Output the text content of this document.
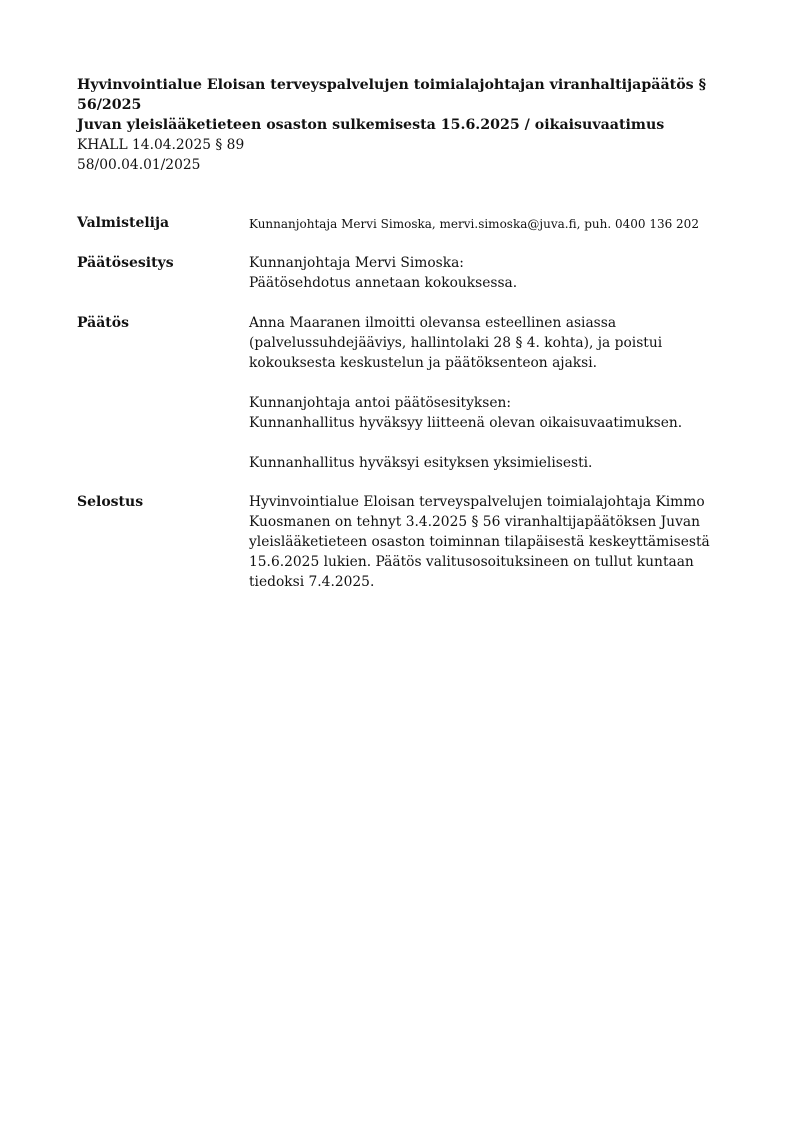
Hyvinvointialue Eloisan terveyspalvelujen toimialajohtajan viranhaltijapäätös § 56/2025
Juvan yleislääketieteen osaston sulkemisesta 15.6.2025 / oikaisuvaatimus
KHALL 14.04.2025 § 89
58/00.04.01/2025
Valmistelija	Kunnanjohtaja Mervi Simoska, mervi.simoska@juva.fi, puh. 0400 136 202
Päätösesitys	Kunnanjohtaja Mervi Simoska:
Päätösehdotus annetaan kokouksessa.
Päätös	Anna Maaranen ilmoitti olevansa esteellinen asiassa
(palvelussuhdejääviys, hallintolaki 28 § 4. kohta), ja poistui
kokouksesta keskustelun ja päätöksenteon ajaksi.
Kunnanjohtaja antoi päätösesityksen:
Kunnanhallitus hyväksyy liitteenä olevan oikaisuvaatimuksen.
Kunnanhallitus hyväksyi esityksen yksimielisesti.
Selostus	Hyvinvointialue Eloisan terveyspalvelujen toimialajohtaja Kimmo
Kuosmanen on tehnyt 3.4.2025 § 56 viranhaltijapäätöksen Juvan
yleislääketieteen osaston toiminnan tilapäisestä keskeyttämisestä
15.6.2025 lukien. Päätös valitusosoituksineen on tullut kuntaan
tiedoksi 7.4.2025.
